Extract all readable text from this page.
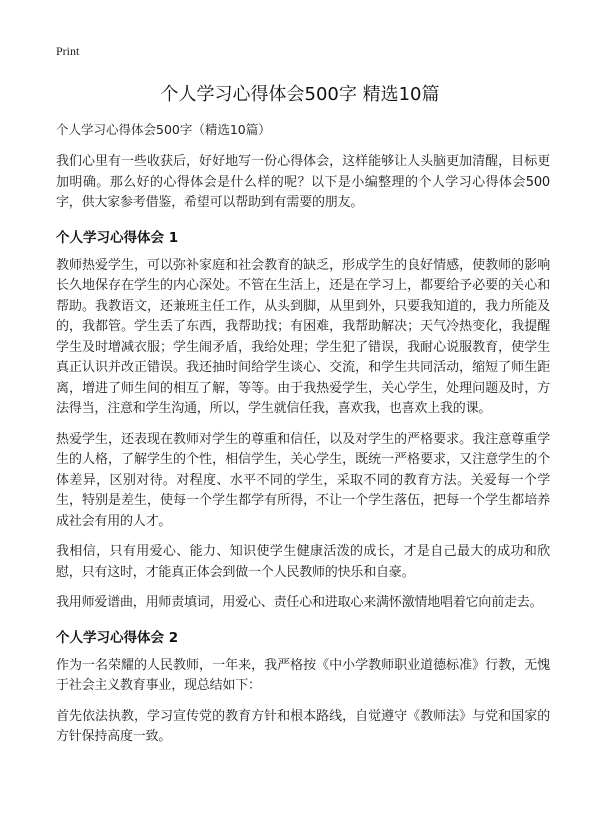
Print
个人学习心得体会500字 精选10篇
个人学习心得体会500字（精选10篇）

我们心里有一些收获后，好好地写一份心得体会，这样能够让人头脑更加清醒，目标更加明确。那么好的心得体会是什么样的呢？以下是小编整理的个人学习心得体会500字，供大家参考借鉴，希望可以帮助到有需要的朋友。

个人学习心得体会 1

教师热爱学生，可以弥补家庭和社会教育的缺乏，形成学生的良好情感，使教师的影响长久地保存在学生的内心深处。不管在生活上，还是在学习上，都要给予必要的关心和帮助。我教语文，还兼班主任工作，从头到脚，从里到外，只要我知道的，我力所能及的，我都管。学生丢了东西，我帮助找；有困难，我帮助解决；天气冷热变化，我提醒学生及时增减衣服；学生闹矛盾，我给处理；学生犯了错误，我耐心说服教育，使学生真正认识并改正错误。我还抽时间给学生谈心、交流，和学生共同活动，缩短了师生距离，增进了师生间的相互了解，等等。由于我热爱学生，关心学生，处理问题及时，方法得当，注意和学生沟通，所以，学生就信任我，喜欢我，也喜欢上我的课。

热爱学生，还表现在教师对学生的尊重和信任，以及对学生的严格要求。我注意尊重学生的人格，了解学生的个性，相信学生，关心学生，既统一严格要求，又注意学生的个体差异，区别对待。对程度、水平不同的学生，采取不同的教育方法。关爱每一个学生，特别是差生，使每一个学生都学有所得，不让一个学生落伍，把每一个学生都培养成社会有用的人才。

我相信，只有用爱心、能力、知识使学生健康活泼的成长，才是自己最大的成功和欣慰，只有这时，才能真正体会到做一个人民教师的快乐和自豪。

我用师爱谱曲，用师责填词，用爱心、责任心和进取心来满怀激情地唱着它向前走去。

个人学习心得体会 2

作为一名荣耀的人民教师，一年来，我严格按《中小学教师职业道德标准》行教，无愧于社会主义教育事业，现总结如下：

首先依法执教，学习宣传党的教育方针和根本路线，自觉遵守《教师法》与党和国家的方针保持高度一致。
